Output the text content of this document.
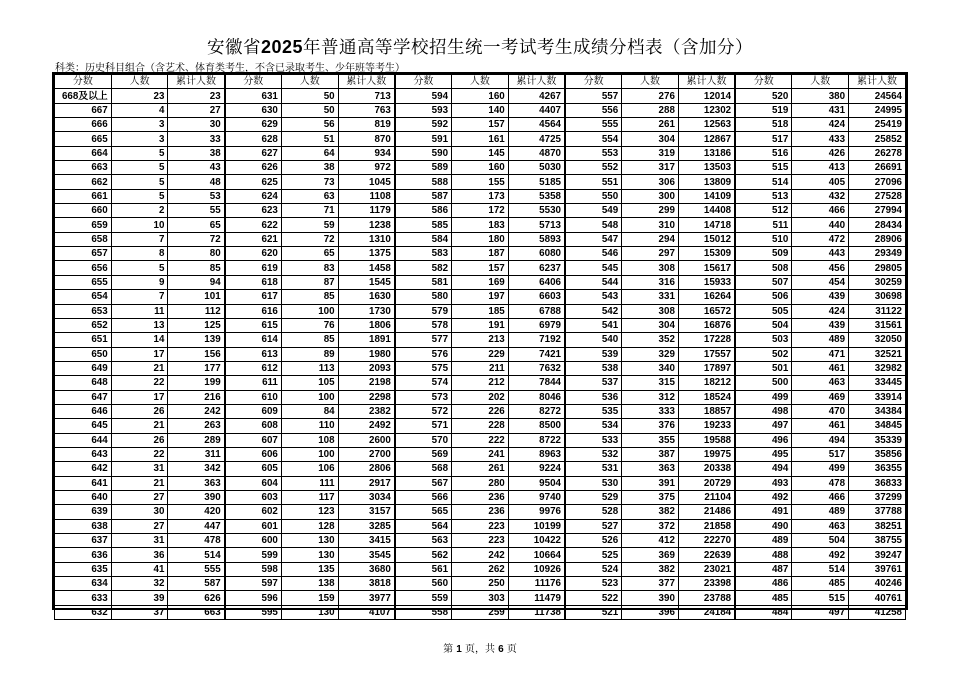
安徽省2025年普通高等学校招生统一考试考生成绩分档表（含加分）
科类：历史科目组合（含艺术、体育类考生，不含已录取考生、少年班等考生）
分数	人数	累计人数	分数	人数	累计人数	分数	人数	累计人数	分数	人数	累计人数	分数	人数	累计人数
668及以上	23	23	631	50	713	594	160	4267	557	276	12014	520	380	24564
667	4	27	630	50	763	593	140	4407	556	288	12302	519	431	24995
666	3	30	629	56	819	592	157	4564	555	261	12563	518	424	25419
665	3	33	628	51	870	591	161	4725	554	304	12867	517	433	25852
664	5	38	627	64	934	590	145	4870	553	319	13186	516	426	26278
663	5	43	626	38	972	589	160	5030	552	317	13503	515	413	26691
662	5	48	625	73	1045	588	155	5185	551	306	13809	514	405	27096
661	5	53	624	63	1108	587	173	5358	550	300	14109	513	432	27528
660	2	55	623	71	1179	586	172	5530	549	299	14408	512	466	27994
659	10	65	622	59	1238	585	183	5713	548	310	14718	511	440	28434
658	7	72	621	72	1310	584	180	5893	547	294	15012	510	472	28906
657	8	80	620	65	1375	583	187	6080	546	297	15309	509	443	29349
656	5	85	619	83	1458	582	157	6237	545	308	15617	508	456	29805
655	9	94	618	87	1545	581	169	6406	544	316	15933	507	454	30259
654	7	101	617	85	1630	580	197	6603	543	331	16264	506	439	30698
653	11	112	616	100	1730	579	185	6788	542	308	16572	505	424	31122
652	13	125	615	76	1806	578	191	6979	541	304	16876	504	439	31561
651	14	139	614	85	1891	577	213	7192	540	352	17228	503	489	32050
650	17	156	613	89	1980	576	229	7421	539	329	17557	502	471	32521
649	21	177	612	113	2093	575	211	7632	538	340	17897	501	461	32982
648	22	199	611	105	2198	574	212	7844	537	315	18212	500	463	33445
647	17	216	610	100	2298	573	202	8046	536	312	18524	499	469	33914
646	26	242	609	84	2382	572	226	8272	535	333	18857	498	470	34384
645	21	263	608	110	2492	571	228	8500	534	376	19233	497	461	34845
644	26	289	607	108	2600	570	222	8722	533	355	19588	496	494	35339
643	22	311	606	100	2700	569	241	8963	532	387	19975	495	517	35856
642	31	342	605	106	2806	568	261	9224	531	363	20338	494	499	36355
641	21	363	604	111	2917	567	280	9504	530	391	20729	493	478	36833
640	27	390	603	117	3034	566	236	9740	529	375	21104	492	466	37299
639	30	420	602	123	3157	565	236	9976	528	382	21486	491	489	37788
638	27	447	601	128	3285	564	223	10199	527	372	21858	490	463	38251
637	31	478	600	130	3415	563	223	10422	526	412	22270	489	504	38755
636	36	514	599	130	3545	562	242	10664	525	369	22639	488	492	39247
635	41	555	598	135	3680	561	262	10926	524	382	23021	487	514	39761
634	32	587	597	138	3818	560	250	11176	523	377	23398	486	485	40246
633	39	626	596	159	3977	559	303	11479	522	390	23788	485	515	40761
632	37	663	595	130	4107	558	259	11738	521	396	24184	484	497	41258
第 1 页，共 6 页
